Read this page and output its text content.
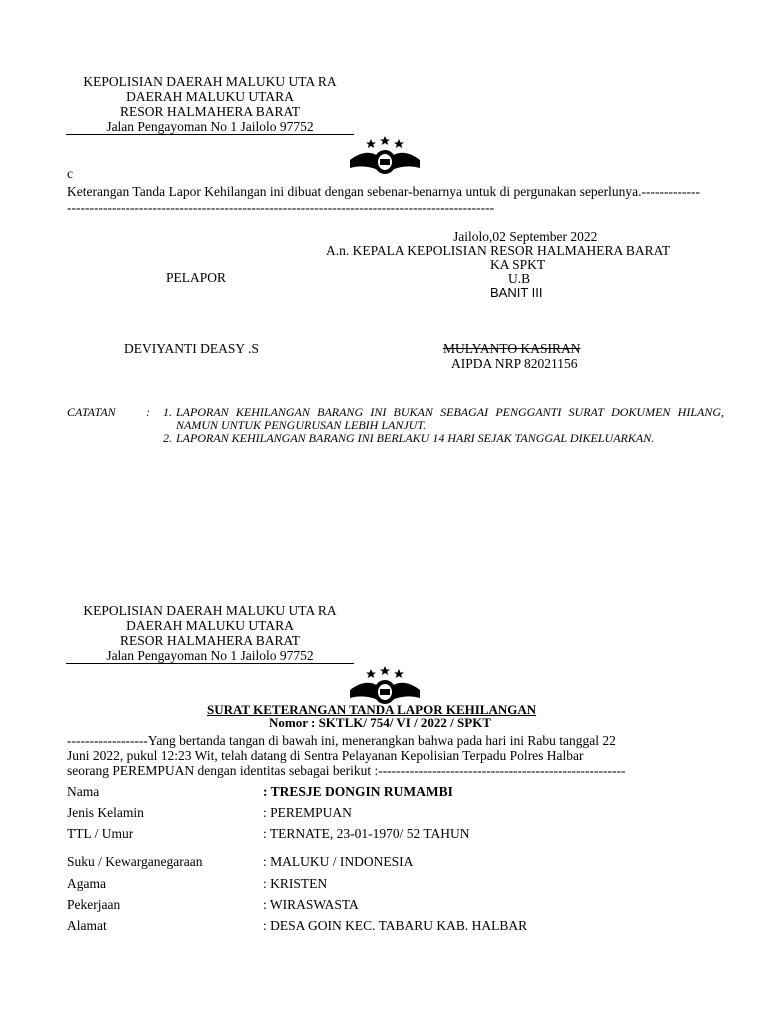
KEPOLISIAN DAERAH MALUKU UTA RA
DAERAH MALUKU UTARA
RESOR HALMAHERA BARAT
Jalan Pengayoman No 1 Jailolo 97752
c
Keterangan Tanda Lapor Kehilangan ini dibuat dengan sebenar-benarnya untuk di pergunakan seperlunya.------------------------------------------------------------------------------------------------------------
Jailolo,02 September 2022
A.n. KEPALA KEPOLISIAN RESOR HALMAHERA BARAT
KA SPKT
PELAPOR	U.B
BANIT III
DEVIYANTI DEASY .S	MULYANTO KASIRAN
AIPDA NRP 82021156
CATATAN	: 1. LAPORAN KEHILANGAN BARANG INI BUKAN SEBAGAI PENGGANTI SURAT DOKUMEN HILANG, NAMUN UNTUK PENGURUSAN LEBIH LANJUT.
2. LAPORAN KEHILANGAN BARANG INI BERLAKU 14 HARI SEJAK TANGGAL DIKELUARKAN.
KEPOLISIAN DAERAH MALUKU UTA RA
DAERAH MALUKU UTARA
RESOR HALMAHERA BARAT
Jalan Pengayoman No 1 Jailolo 97752
SURAT KETERANGAN TANDA LAPOR KEHILANGAN
Nomor : SKTLK/ 754/ VI / 2022 / SPKT
------------------Yang bertanda tangan di bawah ini, menerangkan bahwa pada hari ini Rabu tanggal 22
Juni 2022, pukul 12:23 Wit, telah datang di Sentra Pelayanan Kepolisian Terpadu Polres Halbar
seorang PEREMPUAN dengan identitas sebagai berikut :-------------------------------------------------------
Nama	: TRESJE DONGIN RUMAMBI
Jenis Kelamin	: PEREMPUAN
TTL / Umur	: TERNATE, 23-01-1970/ 52 TAHUN
Suku / Kewarganegaraan	: MALUKU / INDONESIA
Agama	: KRISTEN
Pekerjaan	: WIRASWASTA
Alamat	: DESA GOIN KEC. TABARU KAB. HALBAR
